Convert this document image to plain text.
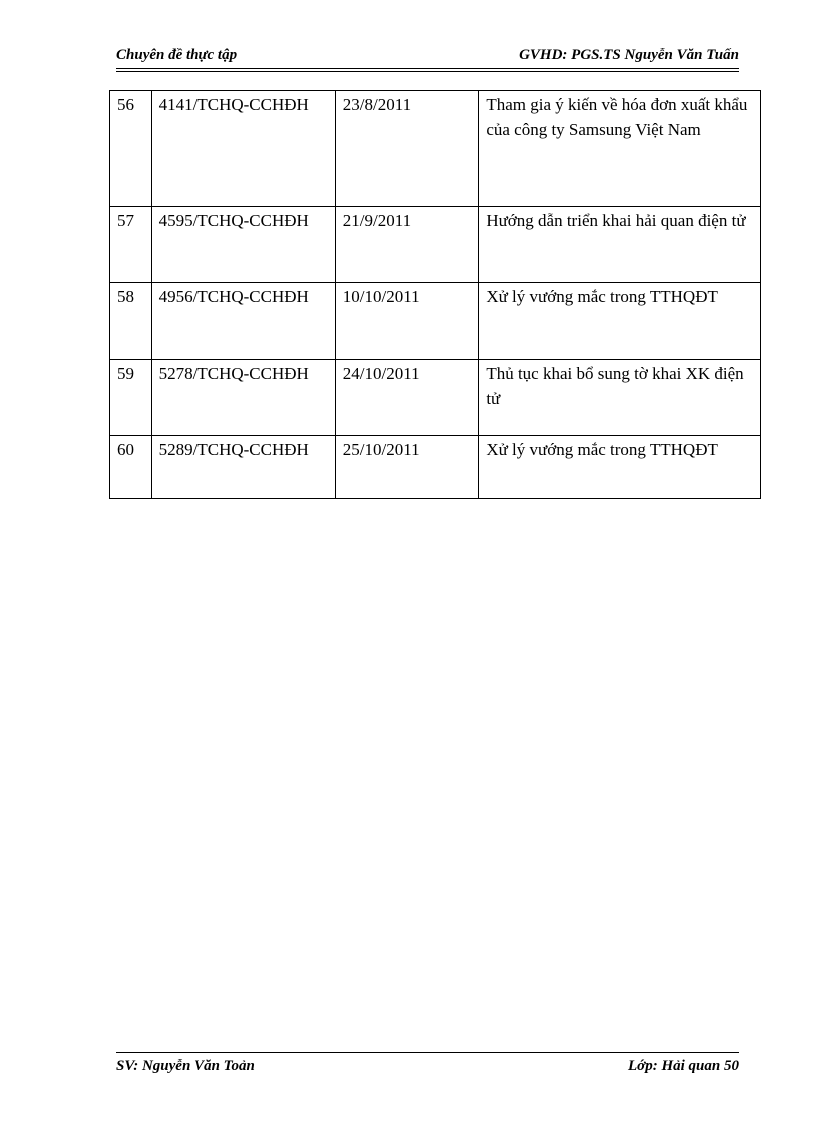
Chuyên đề thực tập	GVHD: PGS.TS Nguyễn Văn Tuấn
56	4141/TCHQ-CCHĐH	23/8/2011	Tham gia ý kiến về hóa đơn xuất khẩu của công ty Samsung Việt Nam
57	4595/TCHQ-CCHĐH	21/9/2011	Hướng dẫn triển khai hải quan điện tử
58	4956/TCHQ-CCHĐH	10/10/2011	Xử lý vướng mắc trong TTHQĐT
59	5278/TCHQ-CCHĐH	24/10/2011	Thủ tục khai bổ sung tờ khai XK điện tử
60	5289/TCHQ-CCHĐH	25/10/2011	Xử lý vướng mắc trong TTHQĐT
SV: Nguyễn Văn Toản	Lớp: Hải quan 50
